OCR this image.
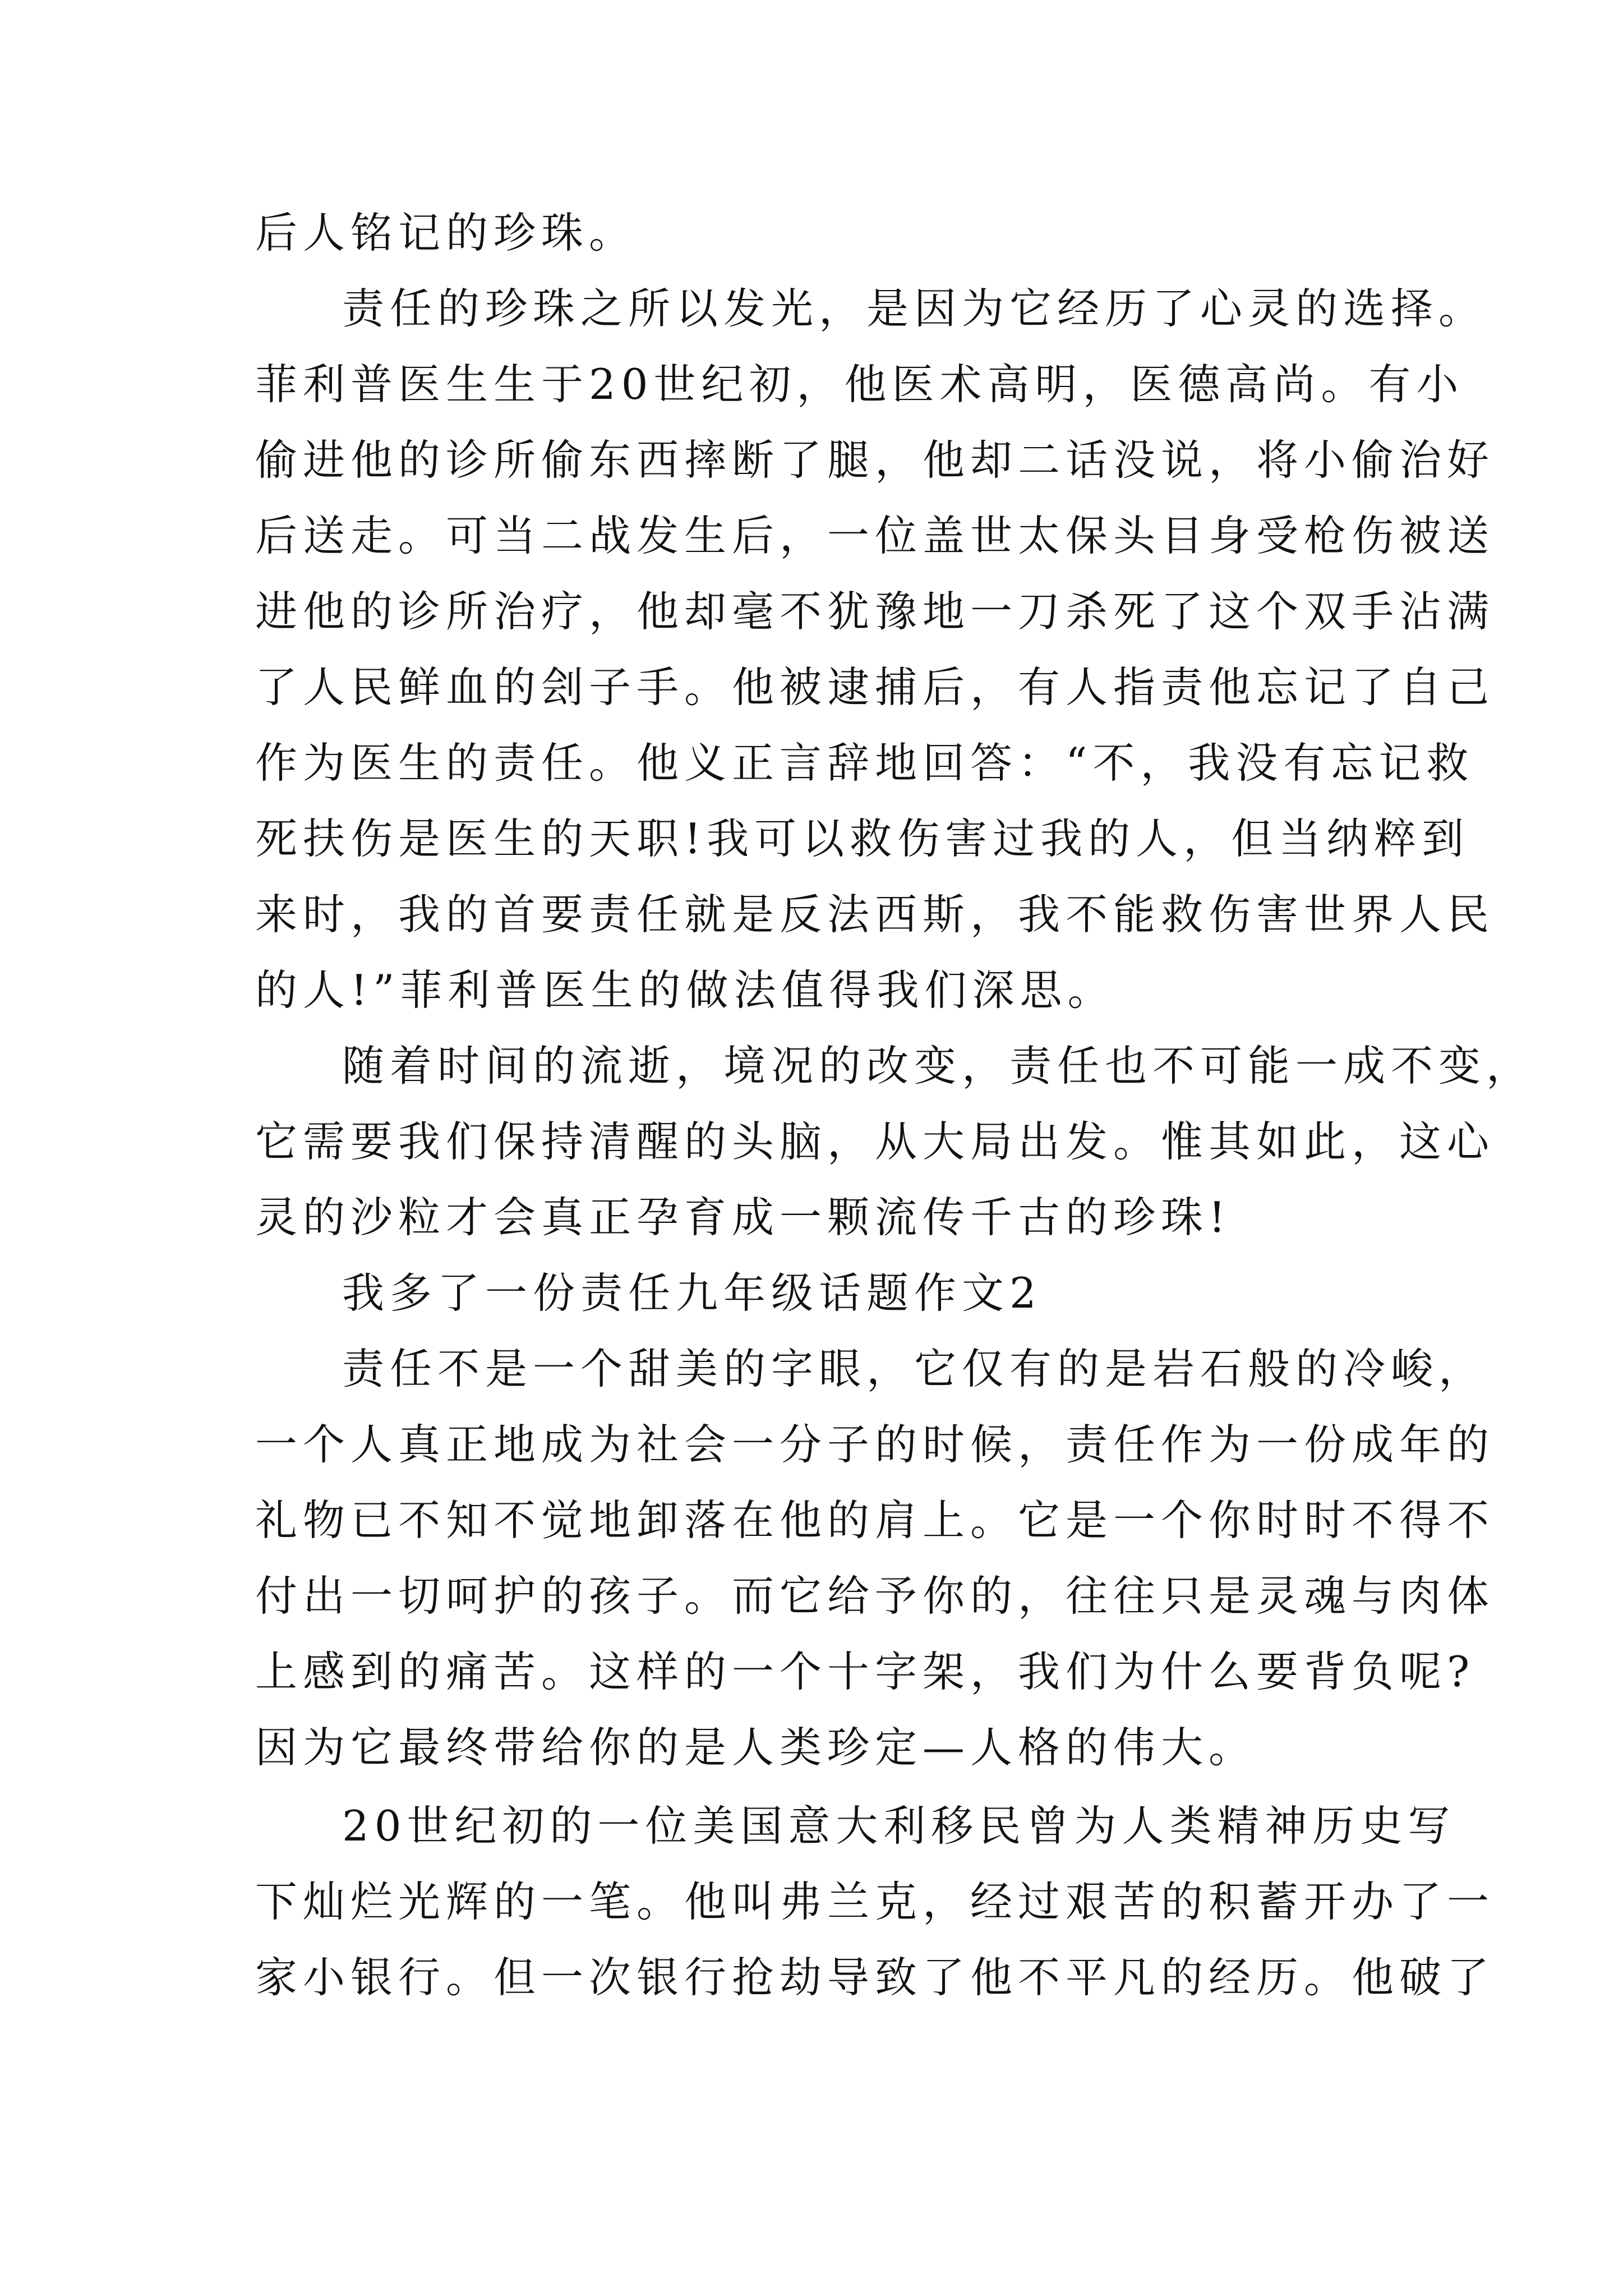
后人铭记的珍珠。
责任的珍珠之所以发光，是因为它经历了心灵的选择。
菲利普医生生于20世纪初，他医术高明，医德高尚。有小
偷进他的诊所偷东西摔断了腿，他却二话没说，将小偷治好
后送走。可当二战发生后，一位盖世太保头目身受枪伤被送
进他的诊所治疗，他却毫不犹豫地一刀杀死了这个双手沾满
了人民鲜血的刽子手。他被逮捕后，有人指责他忘记了自己
作为医生的责任。他义正言辞地回答：“不，我没有忘记救
死扶伤是医生的天职!我可以救伤害过我的人，但当纳粹到
来时，我的首要责任就是反法西斯，我不能救伤害世界人民
的人!”菲利普医生的做法值得我们深思。
随着时间的流逝，境况的改变，责任也不可能一成不变，
它需要我们保持清醒的头脑，从大局出发。惟其如此，这心
灵的沙粒才会真正孕育成一颗流传千古的珍珠!
我多了一份责任九年级话题作文2
责任不是一个甜美的字眼，它仅有的是岩石般的冷峻，
一个人真正地成为社会一分子的时候，责任作为一份成年的
礼物已不知不觉地卸落在他的肩上。它是一个你时时不得不
付出一切呵护的孩子。而它给予你的，往往只是灵魂与肉体
上感到的痛苦。这样的一个十字架，我们为什么要背负呢?
因为它最终带给你的是人类珍定—人格的伟大。
20世纪初的一位美国意大利移民曾为人类精神历史写
下灿烂光辉的一笔。他叫弗兰克，经过艰苦的积蓄开办了一
家小银行。但一次银行抢劫导致了他不平凡的经历。他破了
